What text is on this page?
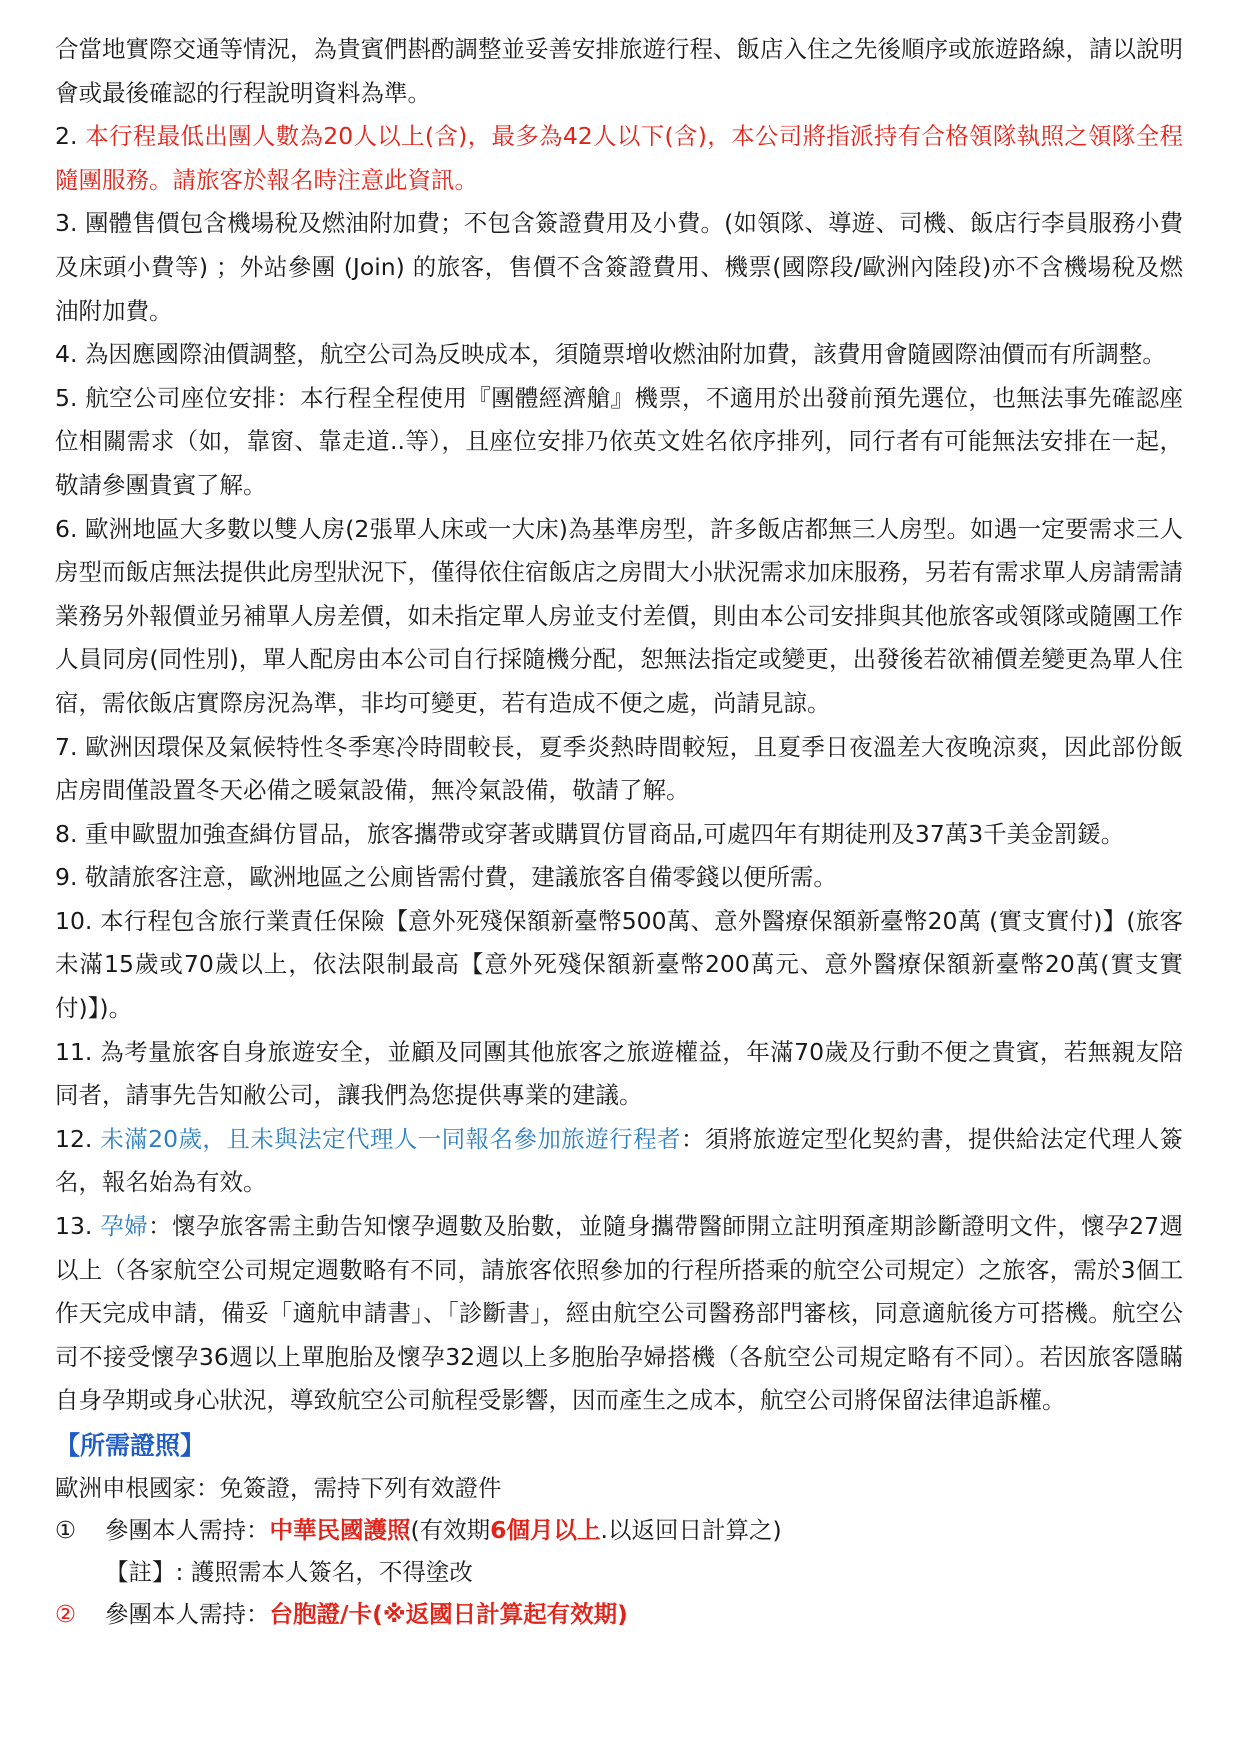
合當地實際交通等情況，為貴賓們斟酌調整並妥善安排旅遊行程、飯店入住之先後順序或旅遊路線，請以說明會或最後確認的行程說明資料為準。

2. 本行程最低出團人數為20人以上(含)，最多為42人以下(含)，本公司將指派持有合格領隊執照之領隊全程隨團服務。請旅客於報名時注意此資訊。

3. 團體售價包含機場稅及燃油附加費；不包含簽證費用及小費。(如領隊、導遊、司機、飯店行李員服務小費及床頭小費等) ；外站參團 (Join) 的旅客，售價不含簽證費用、機票(國際段/歐洲內陸段)亦不含機場稅及燃油附加費。

4. 為因應國際油價調整，航空公司為反映成本，須隨票增收燃油附加費，該費用會隨國際油價而有所調整。

5. 航空公司座位安排：本行程全程使用『團體經濟艙』機票，不適用於出發前預先選位，也無法事先確認座位相關需求（如，靠窗、靠走道..等），且座位安排乃依英文姓名依序排列，同行者有可能無法安排在一起，敬請參團貴賓了解。

6. 歐洲地區大多數以雙人房(2張單人床或一大床)為基準房型，許多飯店都無三人房型。如遇一定要需求三人房型而飯店無法提供此房型狀況下，僅得依住宿飯店之房間大小狀況需求加床服務，另若有需求單人房請需請業務另外報價並另補單人房差價，如未指定單人房並支付差價，則由本公司安排與其他旅客或領隊或隨團工作人員同房(同性別)，單人配房由本公司自行採隨機分配，恕無法指定或變更，出發後若欲補價差變更為單人住宿，需依飯店實際房況為準，非均可變更，若有造成不便之處，尚請見諒。

7. 歐洲因環保及氣候特性冬季寒冷時間較長，夏季炎熱時間較短，且夏季日夜溫差大夜晚涼爽，因此部份飯店房間僅設置冬天必備之暖氣設備，無冷氣設備，敬請了解。

8. 重申歐盟加強查緝仿冒品，旅客攜帶或穿著或購買仿冒商品,可處四年有期徒刑及37萬3千美金罰鍰。

9. 敬請旅客注意，歐洲地區之公廁皆需付費，建議旅客自備零錢以便所需。

10. 本行程包含旅行業責任保險【意外死殘保額新臺幣500萬、意外醫療保額新臺幣20萬 (實支實付)】(旅客未滿15歲或70歲以上，依法限制最高【意外死殘保額新臺幣200萬元、意外醫療保額新臺幣20萬(實支實付)】)。

11. 為考量旅客自身旅遊安全，並顧及同團其他旅客之旅遊權益，年滿70歲及行動不便之貴賓，若無親友陪同者，請事先告知敝公司，讓我們為您提供專業的建議。

12. 未滿20歲，且未與法定代理人一同報名參加旅遊行程者：須將旅遊定型化契約書，提供給法定代理人簽名，報名始為有效。

13. 孕婦：懷孕旅客需主動告知懷孕週數及胎數，並隨身攜帶醫師開立註明預產期診斷證明文件，懷孕27週以上（各家航空公司規定週數略有不同，請旅客依照參加的行程所搭乘的航空公司規定）之旅客，需於3個工作天完成申請，備妥「適航申請書」、「診斷書」，經由航空公司醫務部門審核，同意適航後方可搭機。航空公司不接受懷孕36週以上單胞胎及懷孕32週以上多胞胎孕婦搭機（各航空公司規定略有不同）。若因旅客隱瞞自身孕期或身心狀況，導致航空公司航程受影響，因而產生之成本，航空公司將保留法律追訴權。

【所需證照】
歐洲申根國家：免簽證，需持下列有效證件
①	參團本人需持：中華民國護照(有效期6個月以上.以返回日計算之)
【註】: 護照需本人簽名，不得塗改
②	參團本人需持：台胞證/卡(※返國日計算起有效期)
